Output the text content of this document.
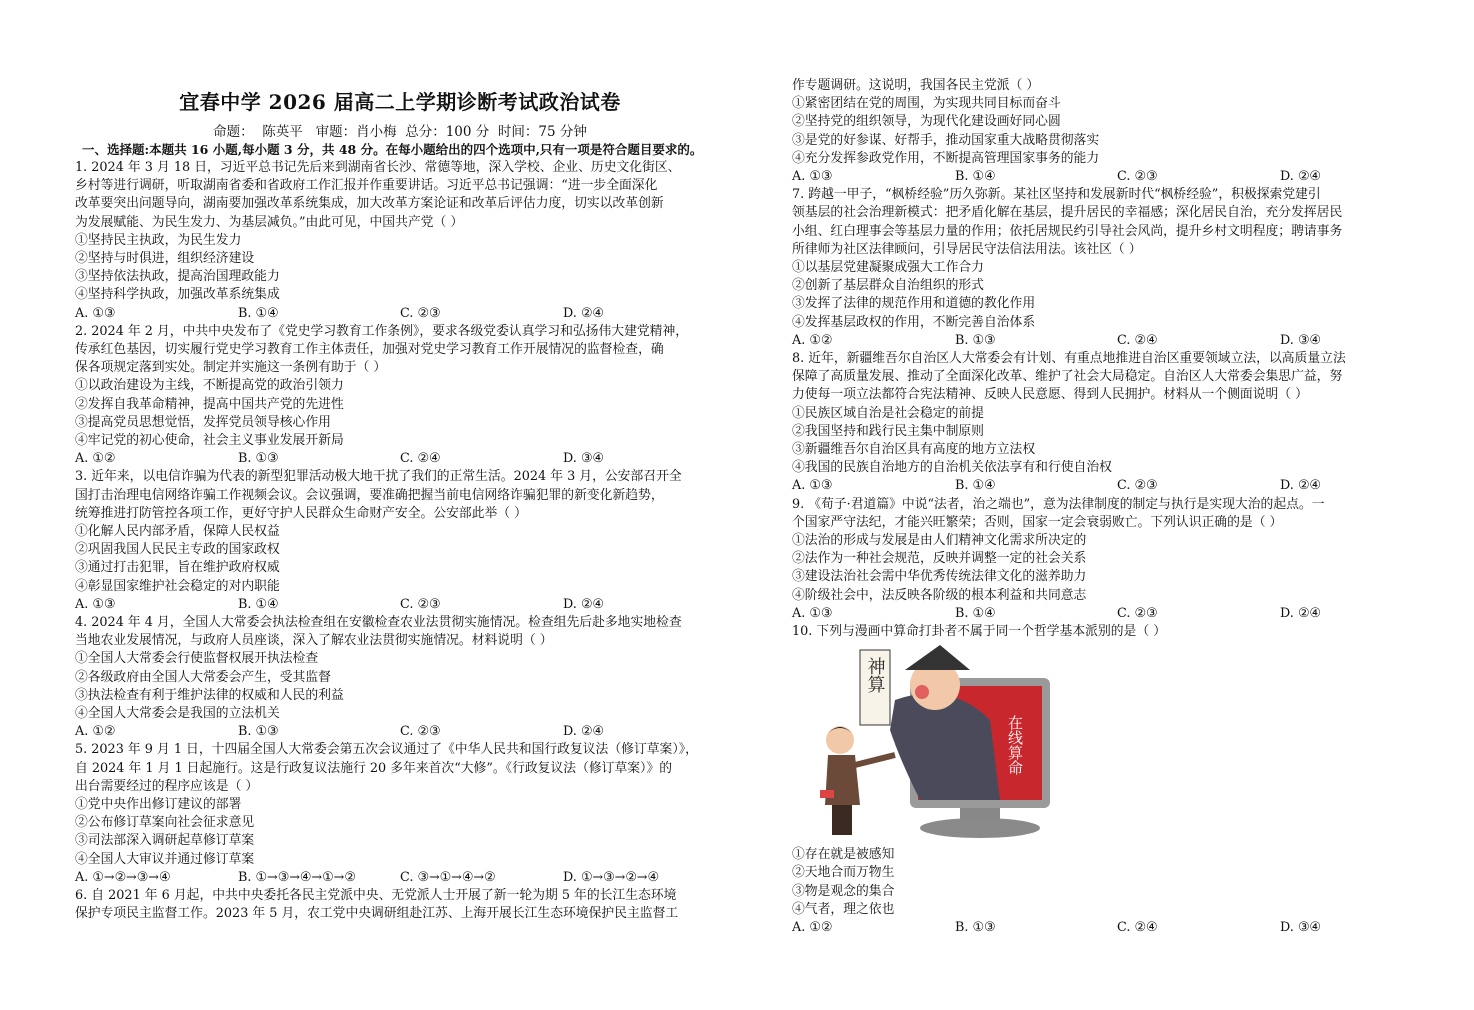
宜春中学 2026 届高二上学期诊断考试政治试卷
命题：  陈英平   审题：肖小梅  总分：100 分  时间：75 分钟
一、选择题:本题共 16 小题,每小题 3 分，共 48 分。在每小题给出的四个选项中,只有一项是符合题目要求的。
1. 2024 年 3 月 18 日，习近平总书记先后来到湖南省长沙、常德等地，深入学校、企业、历史文化街区、
乡村等进行调研，听取湖南省委和省政府工作汇报并作重要讲话。习近平总书记强调：“进一步全面深化
改革要突出问题导向，湖南要加强改革系统集成，加大改革方案论证和改革后评估力度，切实以改革创新
为发展赋能、为民生发力、为基层减负。”由此可见，中国共产党（ ）
①坚持民主执政，为民生发力
②坚持与时俱进，组织经济建设
③坚持依法执政，提高治国理政能力
④坚持科学执政，加强改革系统集成
A. ①③	B. ①④	C. ②③	D. ②④
2. 2024 年 2 月，中共中央发布了《党史学习教育工作条例》，要求各级党委认真学习和弘扬伟大建党精神，
传承红色基因，切实履行党史学习教育工作主体责任，加强对党史学习教育工作开展情况的监督检查，确
保各项规定落到实处。制定并实施这一条例有助于（ ）
①以政治建设为主线，不断提高党的政治引领力
②发挥自我革命精神，提高中国共产党的先进性
③提高党员思想觉悟，发挥党员领导核心作用
④牢记党的初心使命，社会主义事业发展开新局
A. ①②	B. ①③	C. ②④	D. ③④
3. 近年来，以电信诈骗为代表的新型犯罪活动极大地干扰了我们的正常生活。2024 年 3 月，公安部召开全
国打击治理电信网络诈骗工作视频会议。会议强调，要准确把握当前电信网络诈骗犯罪的新变化新趋势，
统筹推进打防管控各项工作，更好守护人民群众生命财产安全。公安部此举（ ）
①化解人民内部矛盾，保障人民权益
②巩固我国人民民主专政的国家政权
③通过打击犯罪，旨在维护政府权威
④彰显国家维护社会稳定的对内职能
A. ①③	B. ①④	C. ②③	D. ②④
4. 2024 年 4 月，全国人大常委会执法检查组在安徽检查农业法贯彻实施情况。检查组先后赴多地实地检查
当地农业发展情况，与政府人员座谈，深入了解农业法贯彻实施情况。材料说明（ ）
①全国人大常委会行使监督权展开执法检查
②各级政府由全国人大常委会产生，受其监督
③执法检查有利于维护法律的权威和人民的利益
④全国人大常委会是我国的立法机关
A. ①②	B. ①③	C. ②③	D. ②④
5. 2023 年 9 月 1 日，十四届全国人大常委会第五次会议通过了《中华人民共和国行政复议法（修订草案）》，
自 2024 年 1 月 1 日起施行。这是行政复议法施行 20 多年来首次“大修”。《行政复议法（修订草案）》的
出台需要经过的程序应该是（ ）
①党中央作出修订建议的部署
②公布修订草案向社会征求意见
③司法部深入调研起草修订草案
④全国人大审议并通过修订草案
A. ①→②→③→④	B. ①→③→④→①→②	C. ③→①→④→②	D. ①→③→②→④
6. 自 2021 年 6 月起，中共中央委托各民主党派中央、无党派人士开展了新一轮为期 5 年的长江生态环境
保护专项民主监督工作。2023 年 5 月，农工党中央调研组赴江苏、上海开展长江生态环境保护民主监督工
作专题调研。这说明，我国各民主党派（ ）
①紧密团结在党的周围，为实现共同目标而奋斗
②坚持党的组织领导，为现代化建设画好同心圆
③是党的好参谋、好帮手，推动国家重大战略贯彻落实
④充分发挥参政党作用，不断提高管理国家事务的能力
A. ①③	B. ①④	C. ②③	D. ②④
7. 跨越一甲子，“枫桥经验”历久弥新。某社区坚持和发展新时代“枫桥经验”，积极探索党建引
领基层的社会治理新模式：把矛盾化解在基层，提升居民的幸福感；深化居民自治，充分发挥居民
小组、红白理事会等基层力量的作用；依托居规民约引导社会风尚，提升乡村文明程度；聘请事务
所律师为社区法律顾问，引导居民守法信法用法。该社区（ ）
①以基层党建凝聚成强大工作合力
②创新了基层群众自治组织的形式
③发挥了法律的规范作用和道德的教化作用
④发挥基层政权的作用，不断完善自治体系
A. ①②	B. ①③	C. ②④	D. ③④
8. 近年，新疆维吾尔自治区人大常委会有计划、有重点地推进自治区重要领域立法，以高质量立法
保障了高质量发展、推动了全面深化改革、维护了社会大局稳定。自治区人大常委会集思广益，努
力使每一项立法都符合宪法精神、反映人民意愿、得到人民拥护。材料从一个侧面说明（ ）
①民族区域自治是社会稳定的前提
②我国坚持和践行民主集中制原则
③新疆维吾尔自治区具有高度的地方立法权
④我国的民族自治地方的自治机关依法享有和行使自治权
A. ①③	B. ①④	C. ②③	D. ②④
9. 《荀子·君道篇》中说“法者，治之端也”，意为法律制度的制定与执行是实现大治的起点。一
个国家严守法纪，才能兴旺繁荣；否则，国家一定会衰弱败亡。下列认识正确的是（ ）
①法治的形成与发展是由人们精神文化需求所决定的
②法作为一种社会规范，反映并调整一定的社会关系
③建设法治社会需中华优秀传统法律文化的滋养助力
④阶级社会中，法反映各阶级的根本利益和共同意志
A. ①③	B. ①④	C. ②③	D. ②④
10. 下列与漫画中算命打卦者不属于同一个哲学基本派别的是（ ）
①存在就是被感知
②天地合而万物生
③物是观念的集合
④气者，理之依也
A. ①②	B. ①③	C. ②④	D. ③④
在线算命
神算
